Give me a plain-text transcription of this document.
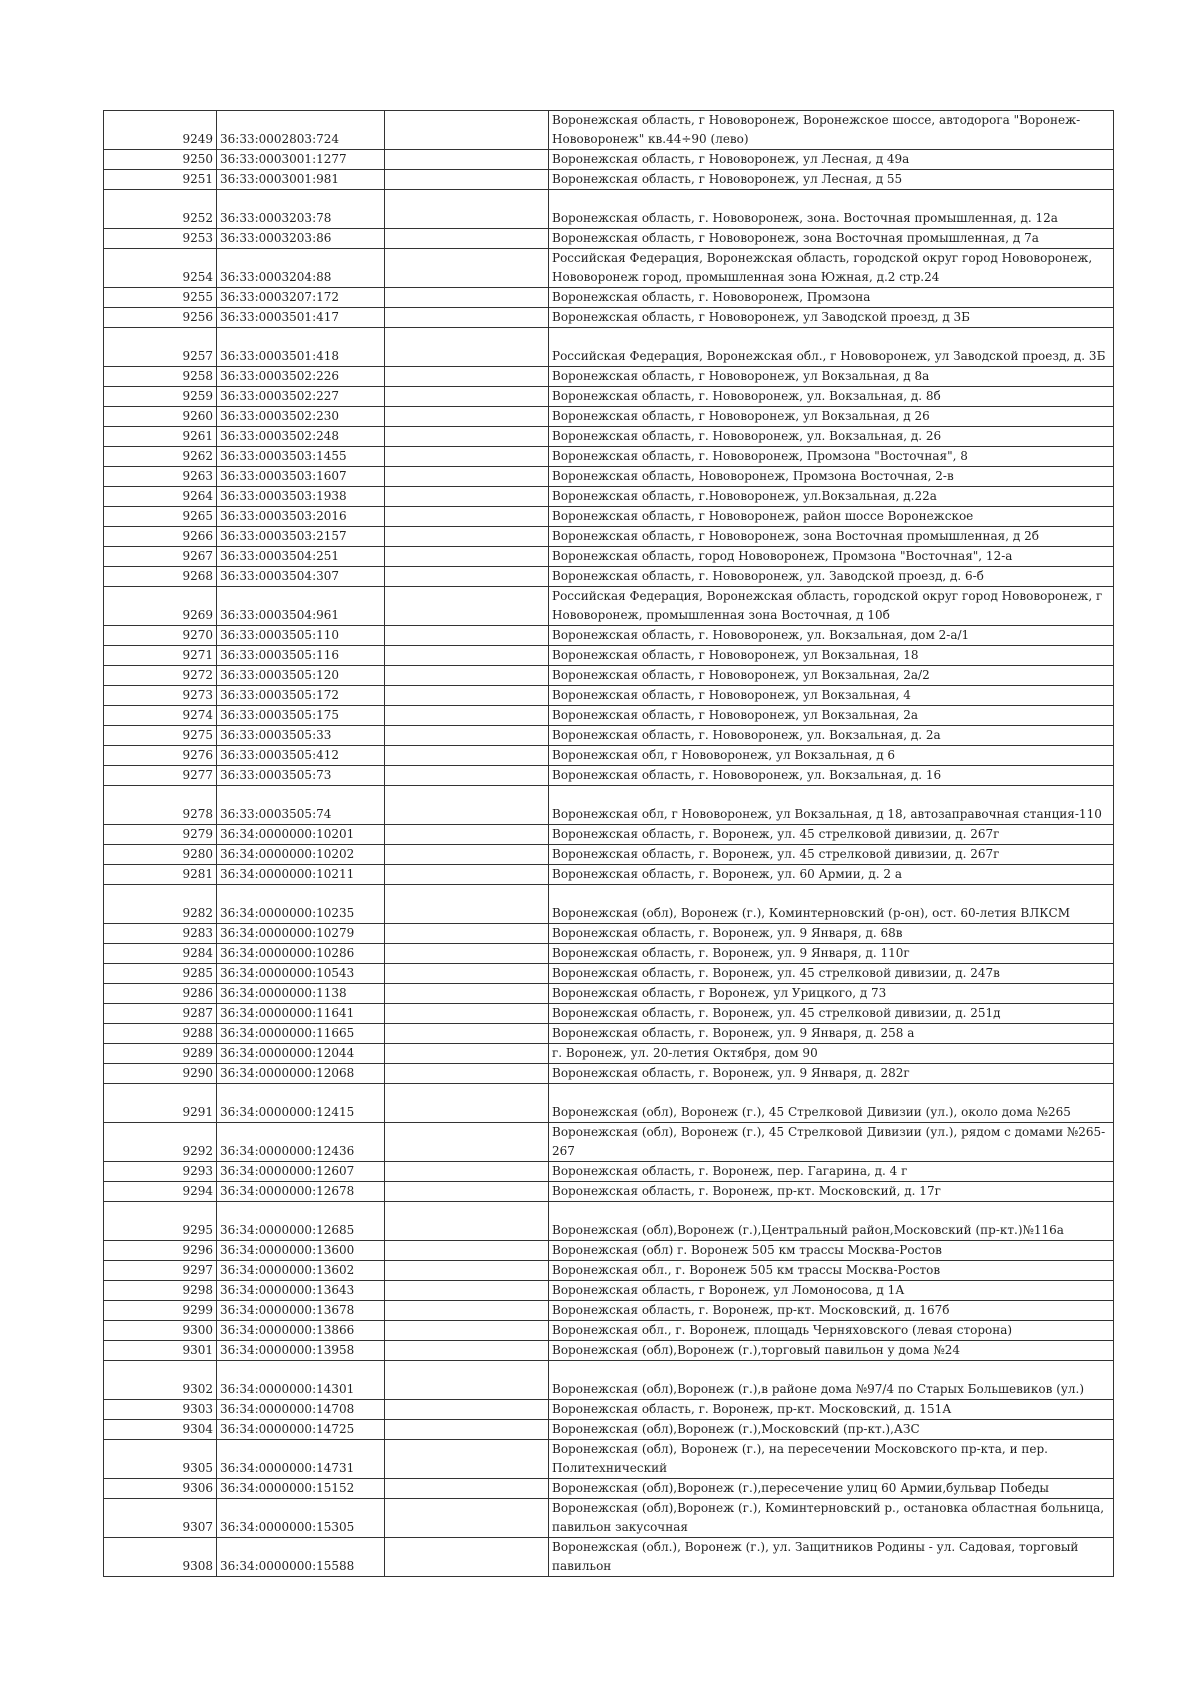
9249	36:33:0002803:724		Воронежская область, г Нововоронеж, Воронежское шоссе, автодорога "Воронеж-Нововоронеж" кв.44÷90 (лево)
9250	36:33:0003001:1277		Воронежская область, г Нововоронеж, ул Лесная, д 49а
9251	36:33:0003001:981		Воронежская область, г Нововоронеж, ул Лесная, д 55
9252	36:33:0003203:78		Воронежская область, г. Нововоронеж, зона. Восточная промышленная, д. 12а
9253	36:33:0003203:86		Воронежская область, г Нововоронеж, зона Восточная промышленная, д 7а
9254	36:33:0003204:88		Российская Федерация, Воронежская область, городской округ город Нововоронеж, Нововоронеж город, промышленная зона Южная, д.2 стр.24
9255	36:33:0003207:172		Воронежская область, г. Нововоронеж, Промзона
9256	36:33:0003501:417		Воронежская область, г Нововоронеж, ул Заводской проезд, д 3Б
9257	36:33:0003501:418		Российская Федерация, Воронежская обл., г Нововоронеж, ул Заводской проезд, д. 3Б
9258	36:33:0003502:226		Воронежская область, г Нововоронеж, ул Вокзальная, д 8а
9259	36:33:0003502:227		Воронежская область, г. Нововоронеж, ул. Вокзальная, д. 8б
9260	36:33:0003502:230		Воронежская область, г Нововоронеж, ул Вокзальная, д 26
9261	36:33:0003502:248		Воронежская область, г. Нововоронеж, ул. Вокзальная, д. 26
9262	36:33:0003503:1455		Воронежская область, г. Нововоронеж, Промзона "Восточная", 8
9263	36:33:0003503:1607		Воронежская область, Нововоронеж, Промзона Восточная, 2-в
9264	36:33:0003503:1938		Воронежская область, г.Нововоронеж, ул.Вокзальная, д.22а
9265	36:33:0003503:2016		Воронежская область, г Нововоронеж, район шоссе Воронежское
9266	36:33:0003503:2157		Воронежская область, г Нововоронеж, зона Восточная промышленная, д 2б
9267	36:33:0003504:251		Воронежская область, город Нововоронеж, Промзона "Восточная", 12-а
9268	36:33:0003504:307		Воронежская область, г. Нововоронеж, ул. Заводской проезд, д. 6-б
9269	36:33:0003504:961		Российская Федерация, Воронежская область, городской округ город Нововоронеж, г Нововоронеж, промышленная зона Восточная, д 10б
9270	36:33:0003505:110		Воронежская область, г. Нововоронеж, ул. Вокзальная, дом 2-а/1
9271	36:33:0003505:116		Воронежская область, г Нововоронеж, ул Вокзальная, 18
9272	36:33:0003505:120		Воронежская область, г Нововоронеж, ул Вокзальная, 2а/2
9273	36:33:0003505:172		Воронежская область, г Нововоронеж, ул Вокзальная, 4
9274	36:33:0003505:175		Воронежская область, г Нововоронеж, ул Вокзальная, 2а
9275	36:33:0003505:33		Воронежская область, г. Нововоронеж, ул. Вокзальная, д. 2а
9276	36:33:0003505:412		Воронежская обл, г Нововоронеж, ул Вокзальная, д 6
9277	36:33:0003505:73		Воронежская область, г. Нововоронеж, ул. Вокзальная, д. 16
9278	36:33:0003505:74		Воронежская обл, г Нововоронеж, ул Вокзальная, д 18, автозаправочная станция-110
9279	36:34:0000000:10201		Воронежская область, г. Воронеж, ул. 45 стрелковой дивизии, д. 267г
9280	36:34:0000000:10202		Воронежская область, г. Воронеж, ул. 45 стрелковой дивизии, д. 267г
9281	36:34:0000000:10211		Воронежская область, г. Воронеж, ул. 60 Армии, д. 2 а
9282	36:34:0000000:10235		Воронежская (обл), Воронеж (г.), Коминтерновский (р-он), ост. 60-летия ВЛКСМ
9283	36:34:0000000:10279		Воронежская область, г. Воронеж, ул. 9 Января, д. 68в
9284	36:34:0000000:10286		Воронежская область, г. Воронеж, ул. 9 Января, д. 110г
9285	36:34:0000000:10543		Воронежская область, г. Воронеж, ул. 45 стрелковой дивизии, д. 247в
9286	36:34:0000000:1138		Воронежская область, г Воронеж, ул Урицкого, д 73
9287	36:34:0000000:11641		Воронежская область, г. Воронеж, ул. 45 стрелковой дивизии, д. 251д
9288	36:34:0000000:11665		Воронежская область, г. Воронеж, ул. 9 Января, д. 258 а
9289	36:34:0000000:12044		г. Воронеж, ул. 20-летия Октября, дом 90
9290	36:34:0000000:12068		Воронежская область, г. Воронеж, ул. 9 Января, д. 282г
9291	36:34:0000000:12415		Воронежская (обл), Воронеж (г.), 45 Стрелковой Дивизии (ул.), около дома №265
9292	36:34:0000000:12436		Воронежская (обл), Воронеж (г.), 45 Стрелковой Дивизии (ул.), рядом с домами №265-267
9293	36:34:0000000:12607		Воронежская область, г. Воронеж, пер. Гагарина, д. 4 г
9294	36:34:0000000:12678		Воронежская область, г. Воронеж, пр-кт. Московский, д. 17г
9295	36:34:0000000:12685		Воронежская (обл),Воронеж (г.),Центральный район,Московский (пр-кт.)№116а
9296	36:34:0000000:13600		Воронежская (обл) г. Воронеж 505 км трассы Москва-Ростов
9297	36:34:0000000:13602		Воронежская обл., г. Воронеж 505 км трассы Москва-Ростов
9298	36:34:0000000:13643		Воронежская область, г Воронеж, ул Ломоносова, д 1А
9299	36:34:0000000:13678		Воронежская область, г. Воронеж, пр-кт. Московский, д. 167б
9300	36:34:0000000:13866		Воронежская обл., г. Воронеж, площадь Черняховского (левая сторона)
9301	36:34:0000000:13958		Воронежская (обл),Воронеж (г.),торговый павильон у дома №24
9302	36:34:0000000:14301		Воронежская (обл),Воронеж (г.),в районе дома №97/4 по Старых Большевиков (ул.)
9303	36:34:0000000:14708		Воронежская область, г. Воронеж, пр-кт. Московский, д. 151А
9304	36:34:0000000:14725		Воронежская (обл),Воронеж (г.),Московский (пр-кт.),АЗС
9305	36:34:0000000:14731		Воронежская (обл), Воронеж (г.), на пересечении Московского пр-кта, и пер. Политехнический
9306	36:34:0000000:15152		Воронежская (обл),Воронеж (г.),пересечение улиц 60 Армии,бульвар Победы
9307	36:34:0000000:15305		Воронежская (обл),Воронеж (г.), Коминтерновский р., остановка областная больница, павильон закусочная
9308	36:34:0000000:15588		Воронежская (обл.), Воронеж (г.), ул. Защитников Родины - ул. Садовая, торговый павильон
